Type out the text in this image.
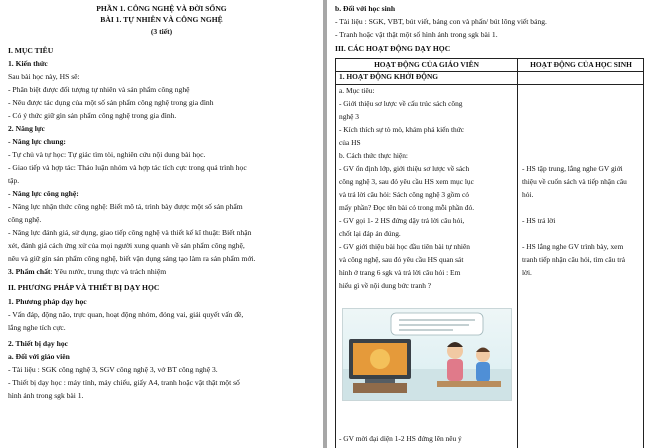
PHẦN 1. CÔNG NGHỆ VÀ ĐỜI SỐNG
BÀI 1. TỰ NHIÊN VÀ CÔNG NGHỆ
(3 tiết)
I. MỤC TIÊU
1. Kiến thức
Sau bài học này, HS sẽ:
- Phân biệt được đối tượng tự nhiên và sản phẩm công nghệ
- Nêu được tác dụng của một số sản phẩm công nghệ trong gia đình
- Có ý thức giữ gìn sản phẩm công nghệ trong gia đình.
2. Năng lực
- Năng lực chung:
- Tự chủ và tự học: Tự giác tìm tòi, nghiên cứu nội dung bài học.
- Giao tiếp và hợp tác: Thảo luận nhóm và hợp tác tích cực trong quá trình học
tập.
- Năng lực công nghệ:
- Năng lực nhận thức công nghệ: Biết mô tả, trình bày được một số sản phẩm
công nghệ.
- Năng lực đánh giá, sử dụng, giao tiếp công nghệ và thiết kế kĩ thuật: Biết nhận
xét, đánh giá cách ứng xử của mọi người xung quanh về sản phẩm công nghệ,
nêu và giữ gìn sản phẩm công nghệ, biết vận dụng sáng tạo làm ra sản phẩm mới.
3. Phẩm chất: Yêu nước, trung thực và trách nhiệm
II. PHƯƠNG PHÁP VÀ THIẾT BỊ DẠY HỌC
1. Phương pháp dạy học
- Vấn đáp, động não, trực quan, hoạt động nhóm, đóng vai, giải quyết vấn đề,
lắng nghe tích cực.
2. Thiết bị dạy học
a. Đối với giáo viên
- Tài liệu : SGK công nghệ 3, SGV công nghệ 3, vở BT công nghệ 3.
- Thiết bị dạy học : máy tính, máy chiếu, giấy A4, tranh hoặc vật thật một số
hình ảnh trong sgk bài 1.
b. Đối với học sinh
- Tài liệu : SGK, VBT, bút viết, bảng con và phấn/ bút lông viết bảng.
- Tranh hoặc vật thật một số hình ảnh trong sgk bài 1.
III. CÁC HOẠT ĐỘNG DẠY HỌC
HOẠT ĐỘNG CỦA GIÁO VIÊN	HOẠT ĐỘNG CỦA HỌC SINH
1. HOẠT ĐỘNG KHỞI ĐỘNG
a. Mục tiêu:
- Giới thiệu sơ lược về cấu trúc sách công
nghệ 3
- Kích thích sự tò mò, khám phá kiến thức
của HS
b. Cách thức thực hiện:
- GV ổn định lớp, giới thiệu sơ lược về sách
công nghệ 3, sau đó yêu cầu HS xem mục lục
và trả lời câu hỏi: Sách công nghệ 3 gồm có
mấy phần? Đọc tên bài có trong mỗi phần đó.
- GV gọi 1- 2 HS đứng dậy trả lời câu hỏi,
chốt lại đáp án đúng.
- GV giới thiệu bài học đầu tiên bài tự nhiên
và công nghệ, sau đó yêu cầu HS quan sát
hình ở trang 6 sgk và trả lời câu hỏi : Em
hiểu gì về nội dung bức tranh ?
- GV mời đại diện 1-2 HS đứng lên nêu ý
- HS tập trung, lắng nghe GV giới
thiệu về cuốn sách và tiếp nhận câu
hỏi.
- HS trả lời
- HS lắng nghe GV trình bày, xem
tranh tiếp nhận câu hỏi, tìm câu trả
lời.
